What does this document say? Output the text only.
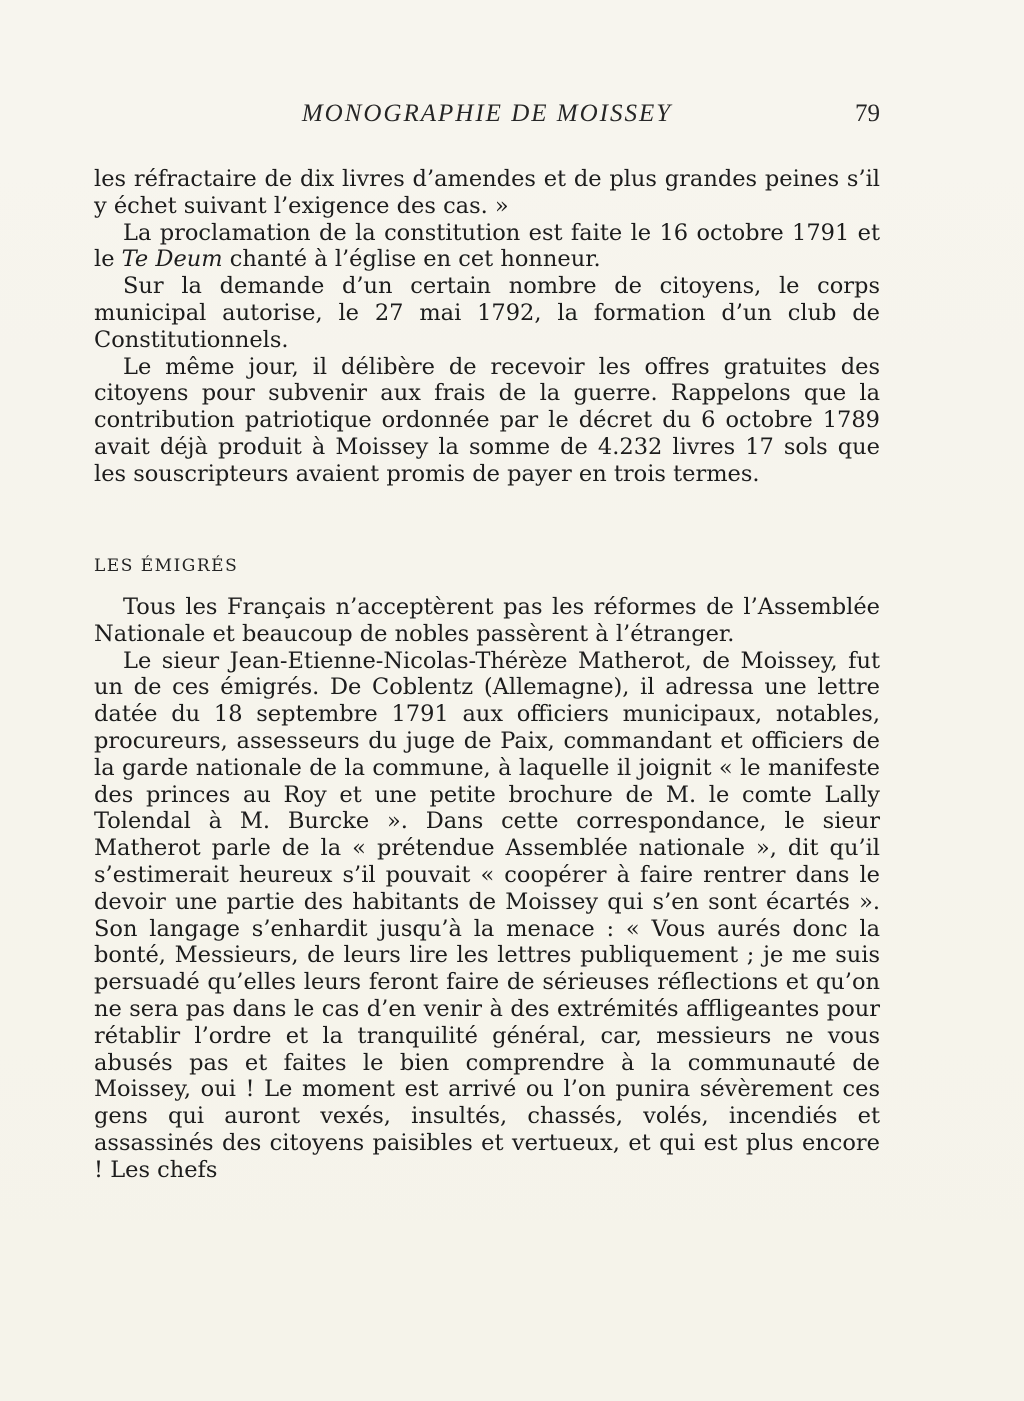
MONOGRAPHIE DE MOISSEY	79

les réfractaire de dix livres d’amendes et de plus grandes peines s’il y échet suivant l’exigence des cas. »

La proclamation de la constitution est faite le 16 octobre 1791 et le Te Deum chanté à l’église en cet honneur.

Sur la demande d’un certain nombre de citoyens, le corps municipal autorise, le 27 mai 1792, la formation d’un club de Constitutionnels.

Le même jour, il délibère de recevoir les offres gratuites des citoyens pour subvenir aux frais de la guerre. Rappelons que la contribution patriotique ordonnée par le décret du 6 octobre 1789 avait déjà produit à Moissey la somme de 4.232 livres 17 sols que les souscripteurs avaient promis de payer en trois termes.

LES ÉMIGRÉS

Tous les Français n’acceptèrent pas les réformes de l’Assemblée Nationale et beaucoup de nobles passèrent à l’étranger.

Le sieur Jean-Etienne-Nicolas-Thérèze Matherot, de Moissey, fut un de ces émigrés. De Coblentz (Allemagne), il adressa une lettre datée du 18 septembre 1791 aux officiers municipaux, notables, procureurs, assesseurs du juge de Paix, commandant et officiers de la garde nationale de la commune, à laquelle il joignit « le manifeste des princes au Roy et une petite brochure de M. le comte Lally Tolendal à M. Burcke ». Dans cette correspondance, le sieur Matherot parle de la « prétendue Assemblée nationale », dit qu’il s’estimerait heureux s’il pouvait « coopérer à faire rentrer dans le devoir une partie des habitants de Moissey qui s’en sont écartés ». Son langage s’enhardit jusqu’à la menace : « Vous aurés donc la bonté, Messieurs, de leurs lire les lettres publiquement ; je me suis persuadé qu’elles leurs feront faire de sérieuses réflections et qu’on ne sera pas dans le cas d’en venir à des extrémités affligeantes pour rétablir l’ordre et la tranquilité général, car, messieurs ne vous abusés pas et faites le bien comprendre à la communauté de Moissey, oui ! Le moment est arrivé ou l’on punira sévèrement ces gens qui auront vexés, insultés, chassés, volés, incendiés et assassinés des citoyens paisibles et vertueux, et qui est plus encore ! Les chefs
